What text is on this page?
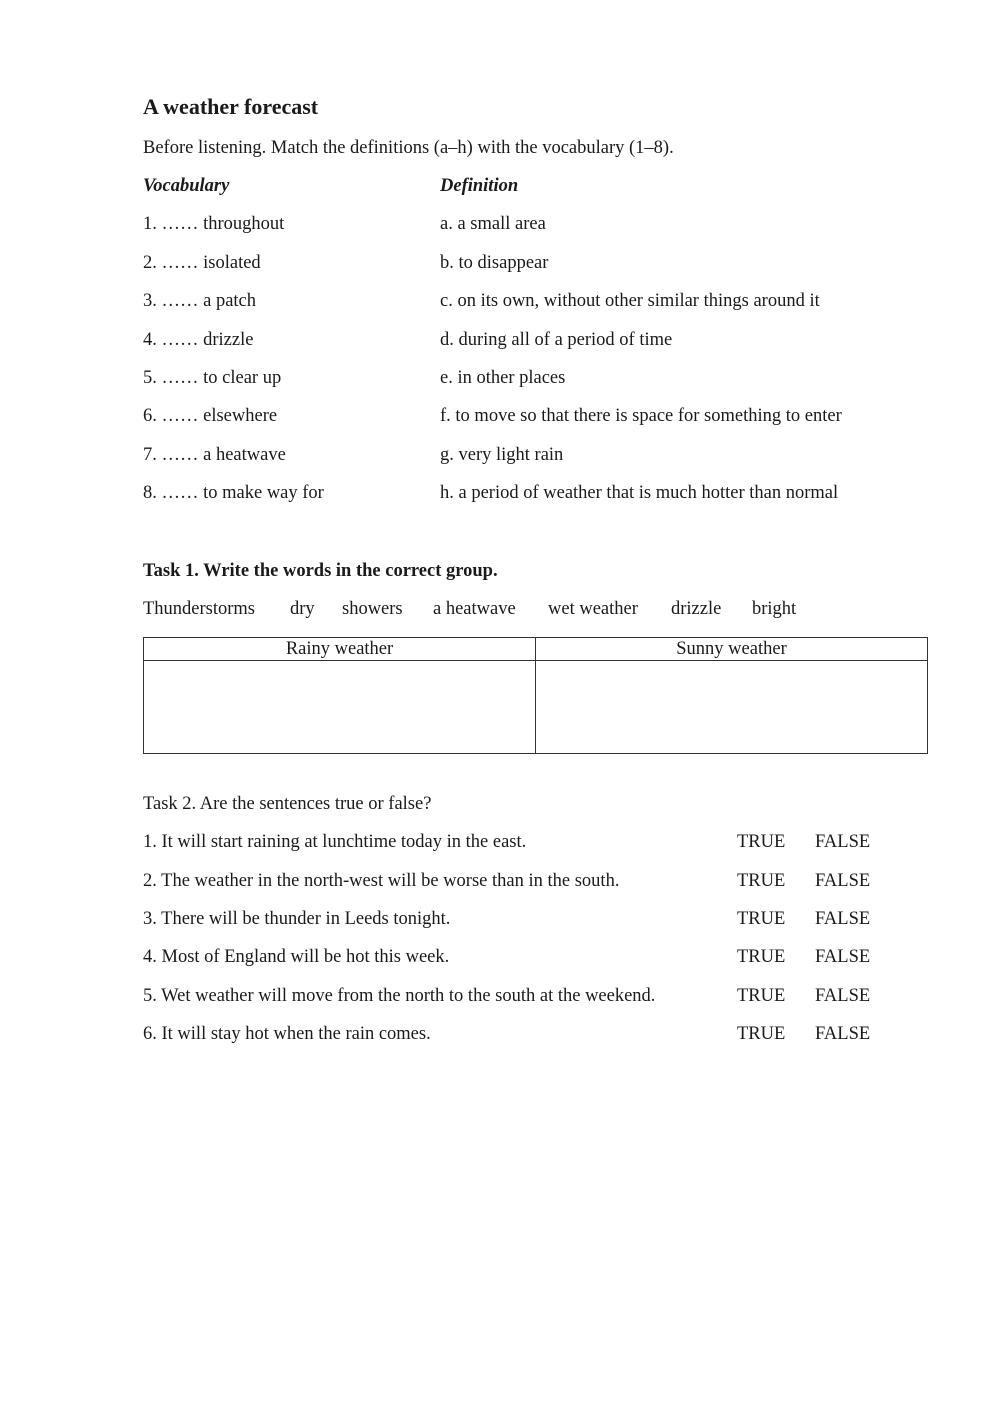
A weather forecast
Before listening. Match the definitions (a–h) with the vocabulary (1–8).
Vocabulary	Definition
1. …… throughout	a. a small area
2. …… isolated	b. to disappear
3. …… a patch	c. on its own, without other similar things around it
4. …… drizzle	d. during all of a period of time
5. …… to clear up	e. in other places
6. …… elsewhere	f. to move so that there is space for something to enter
7. …… a heatwave	g. very light rain
8. …… to make way for	h. a period of weather that is much hotter than normal
Task 1. Write the words in the correct group.
Thunderstorms dry showers a heatwave wet weather drizzle bright
Rainy weather	Sunny weather

Task 2. Are the sentences true or false?
1. It will start raining at lunchtime today in the east.	TRUE FALSE
2. The weather in the north-west will be worse than in the south.	TRUE FALSE
3. There will be thunder in Leeds tonight.	TRUE FALSE
4. Most of England will be hot this week.	TRUE FALSE
5. Wet weather will move from the north to the south at the weekend.	TRUE FALSE
6. It will stay hot when the rain comes.	TRUE FALSE
